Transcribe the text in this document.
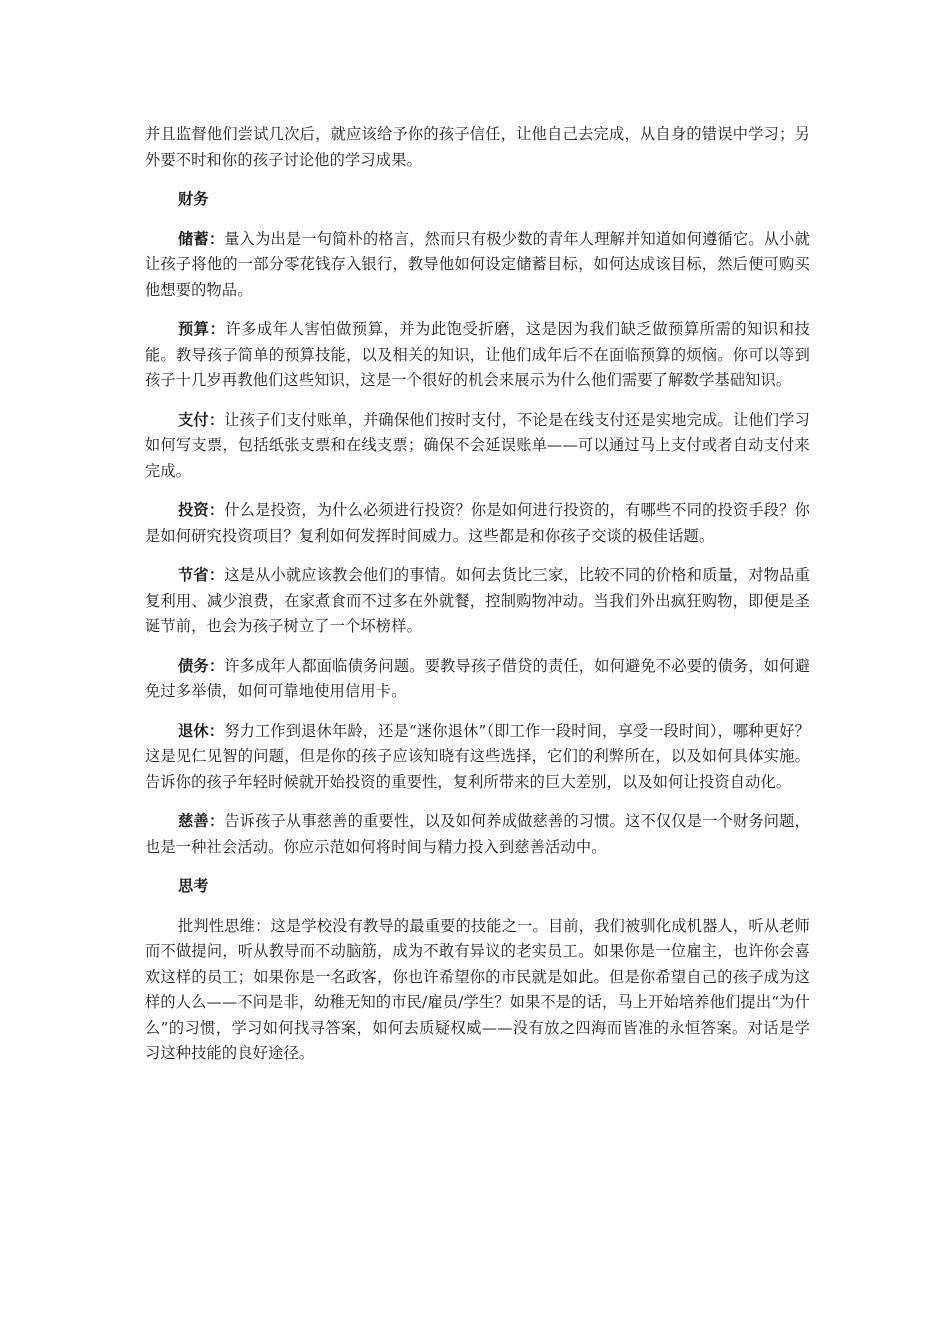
并且监督他们尝试几次后，就应该给予你的孩子信任，让他自己去完成，从自身的错误中学习；另外要不时和你的孩子讨论他的学习成果。

财务

储蓄：量入为出是一句简朴的格言，然而只有极少数的青年人理解并知道如何遵循它。从小就让孩子将他的一部分零花钱存入银行，教导他如何设定储蓄目标，如何达成该目标，然后便可购买他想要的物品。

预算：许多成年人害怕做预算，并为此饱受折磨，这是因为我们缺乏做预算所需的知识和技能。教导孩子简单的预算技能，以及相关的知识，让他们成年后不在面临预算的烦恼。你可以等到孩子十几岁再教他们这些知识，这是一个很好的机会来展示为什么他们需要了解数学基础知识。

支付：让孩子们支付账单，并确保他们按时支付，不论是在线支付还是实地完成。让他们学习如何写支票，包括纸张支票和在线支票；确保不会延误账单——可以通过马上支付或者自动支付来完成。

投资：什么是投资，为什么必须进行投资？你是如何进行投资的，有哪些不同的投资手段？你是如何研究投资项目？复利如何发挥时间威力。这些都是和你孩子交谈的极佳话题。

节省：这是从小就应该教会他们的事情。如何去货比三家，比较不同的价格和质量，对物品重复利用、减少浪费，在家煮食而不过多在外就餐，控制购物冲动。当我们外出疯狂购物，即便是圣诞节前，也会为孩子树立了一个坏榜样。

债务：许多成年人都面临债务问题。要教导孩子借贷的责任，如何避免不必要的债务，如何避免过多举债，如何可靠地使用信用卡。

退休：努力工作到退休年龄，还是“迷你退休”（即工作一段时间，享受一段时间），哪种更好？这是见仁见智的问题，但是你的孩子应该知晓有这些选择，它们的利弊所在，以及如何具体实施。告诉你的孩子年轻时候就开始投资的重要性，复利所带来的巨大差别，以及如何让投资自动化。

慈善：告诉孩子从事慈善的重要性，以及如何养成做慈善的习惯。这不仅仅是一个财务问题，也是一种社会活动。你应示范如何将时间与精力投入到慈善活动中。

思考

批判性思维：这是学校没有教导的最重要的技能之一。目前，我们被驯化成机器人，听从老师而不做提问，听从教导而不动脑筋，成为不敢有异议的老实员工。如果你是一位雇主，也许你会喜欢这样的员工；如果你是一名政客，你也许希望你的市民就是如此。但是你希望自己的孩子成为这样的人么——不问是非，幼稚无知的市民/雇员/学生？如果不是的话，马上开始培养他们提出“为什么”的习惯，学习如何找寻答案，如何去质疑权威——没有放之四海而皆准的永恒答案。对话是学习这种技能的良好途径。
